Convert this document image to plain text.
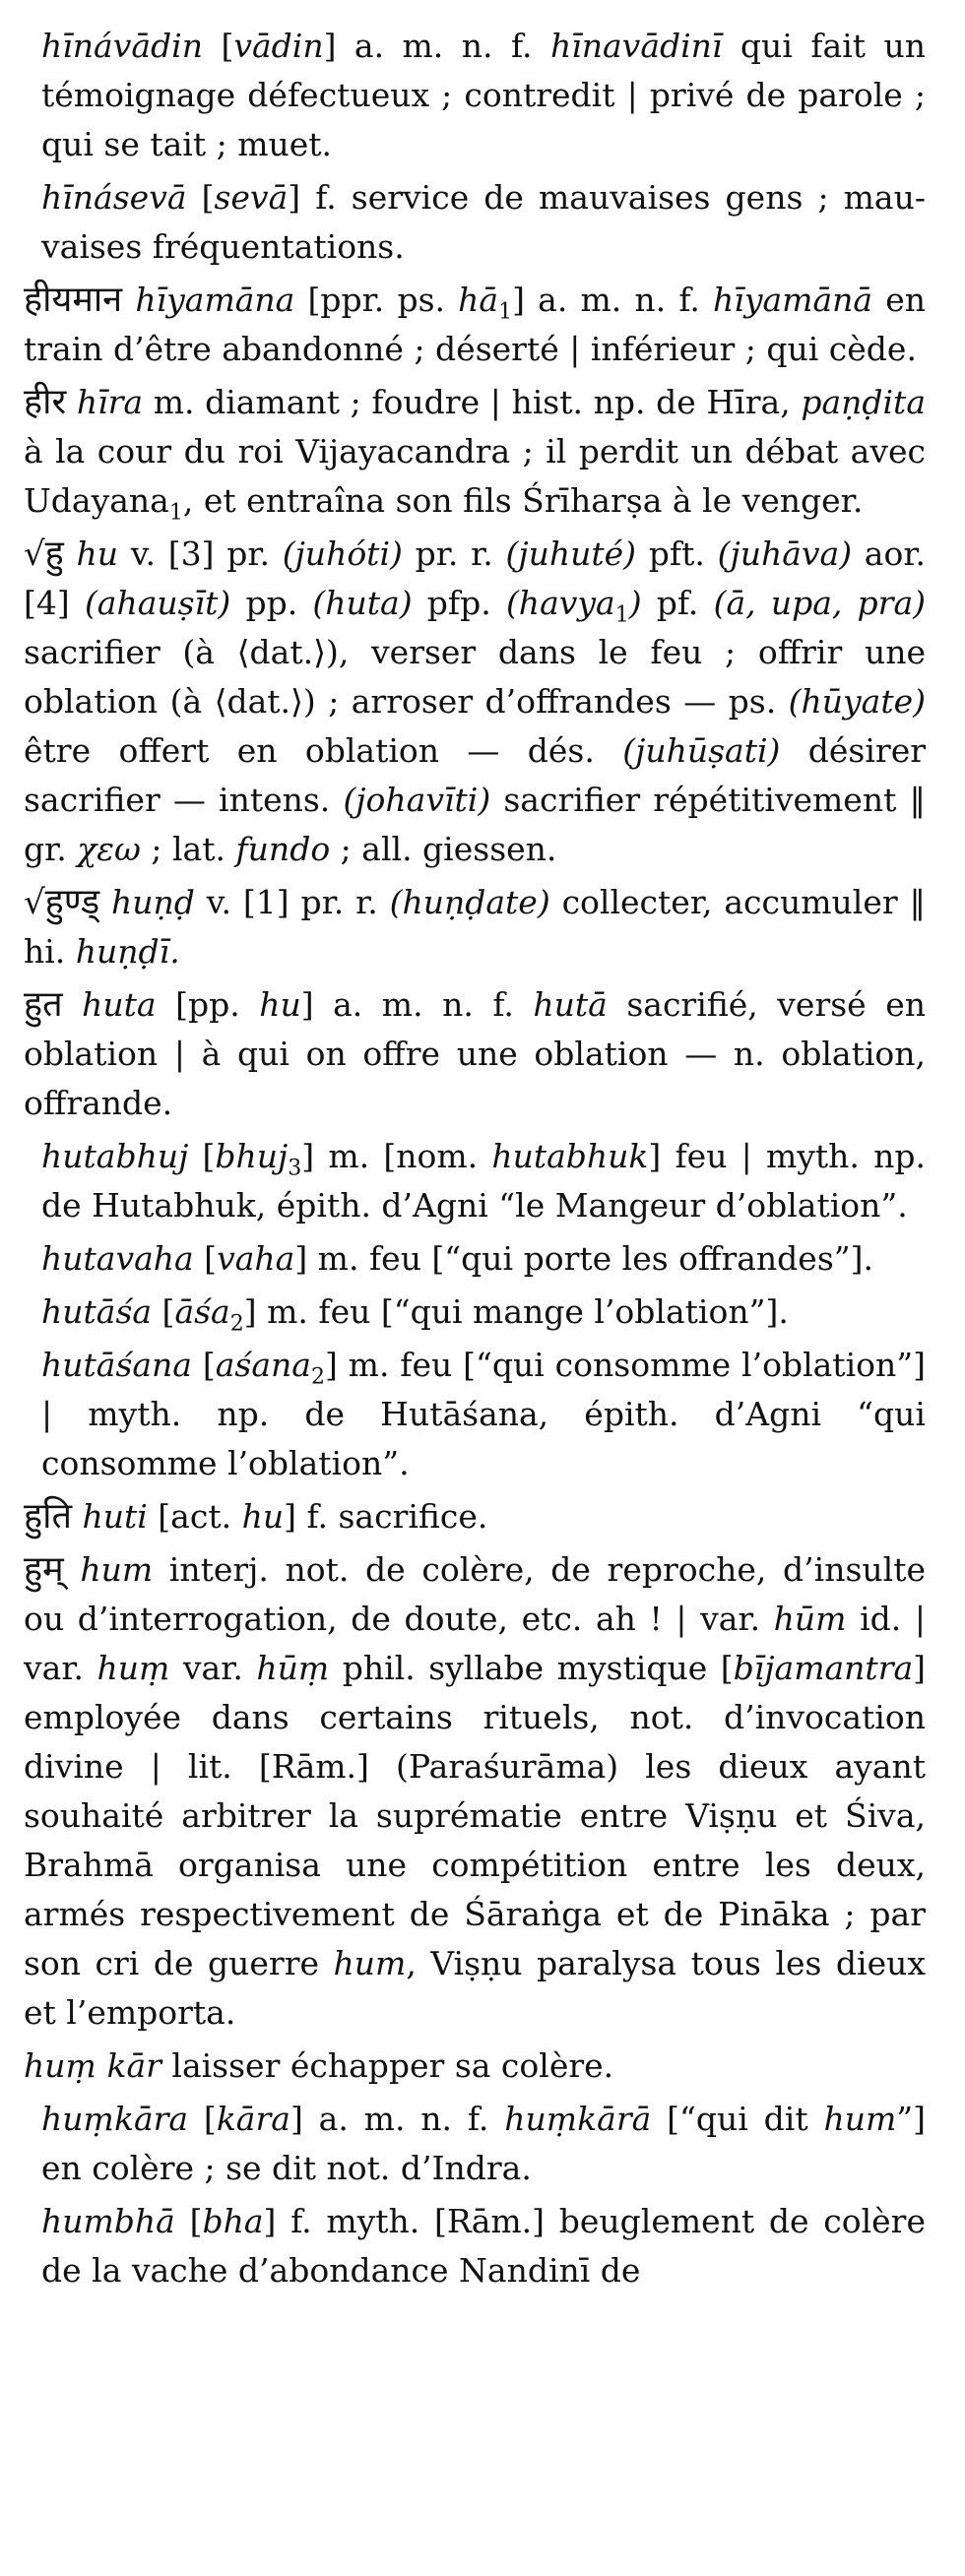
hīnávādin [vādin] a. m. n. f. hīnavādinī qui fait un témoignage défectueux ; contredit | privé de parole ; qui se tait ; muet.

hīnásevā [sevā] f. service de mauvaises gens ; mauvaises fréquentations.

हीयमान hīyamāna [ppr. ps. $hā_1$] a. m. n. f. hīyamānā en train d’être abandonné ; déserté | inférieur ; qui cède.

हीर hīra m. diamant ; foudre | hist. np. de Hīra, paṇḍita à la cour du roi Vijayacandra ; il perdit un débat avec Udayana$_1$, et entraîna son fils Śrīharṣa à le venger.

√हु hu v. [3] pr. (juhóti) pr. r. (juhuté) pft. (juhāva) aor. [4] (ahauṣīt) pp. (huta) pfp. (havya$_1$) pf. (ā, upa, pra) sacrifier (à ⟨dat.⟩), verser dans le feu ; offrir une oblation (à ⟨dat.⟩) ; arroser d’offrandes — ps. (hūyate) être offert en oblation — dés. (juhūṣati) désirer sacrifier — intens. (johavīti) sacrifier répétitivement ‖ gr. χεω ; lat. fundo ; all. giessen.

√हुण्ड् huṇḍ v. [1] pr. r. (huṇḍate) collecter, accumuler ‖ hi. huṇḍī.

हुत huta [pp. hu] a. m. n. f. hutā sacrifié, versé en oblation | à qui on offre une oblation — n. oblation, offrande.

hutabhuj [bhuj$_3$] m. [nom. hutabhuk] feu | myth. np. de Hutabhuk, épith. d’Agni “le Mangeur d’oblation”.

hutavaha [vaha] m. feu [“qui porte les offrandes”].

hutāśa [āśa$_2$] m. feu [“qui mange l’oblation”].

hutāśana [aśana$_2$] m. feu [“qui consomme l’oblation”] | myth. np. de Hutāśana, épith. d’Agni “qui consomme l’oblation”.

हुति huti [act. hu] f. sacrifice.

हुम् hum interj. not. de colère, de reproche, d’insulte ou d’interrogation, de doute, etc. ah ! | var. hūm id. | var. huṃ var. hūṃ phil. syllabe mystique [bījamantra] employée dans certains rituels, not. d’invocation divine | lit. [Rām.] (Paraśurāma) les dieux ayant souhaité arbitrer la suprématie entre Viṣṇu et Śiva, Brahmā organisa une compétition entre les deux, armés respectivement de Śāraṅga et de Pināka ; par son cri de guerre hum, Viṣṇu paralysa tous les dieux et l’emporta.

huṃ kār laisser échapper sa colère.

huṃkāra [kāra] a. m. n. f. huṃkārā [“qui dit hum”] en colère ; se dit not. d’Indra.

humbhā [bha] f. myth. [Rām.] beuglement de colère de la vache d’abondance Nandinī de
